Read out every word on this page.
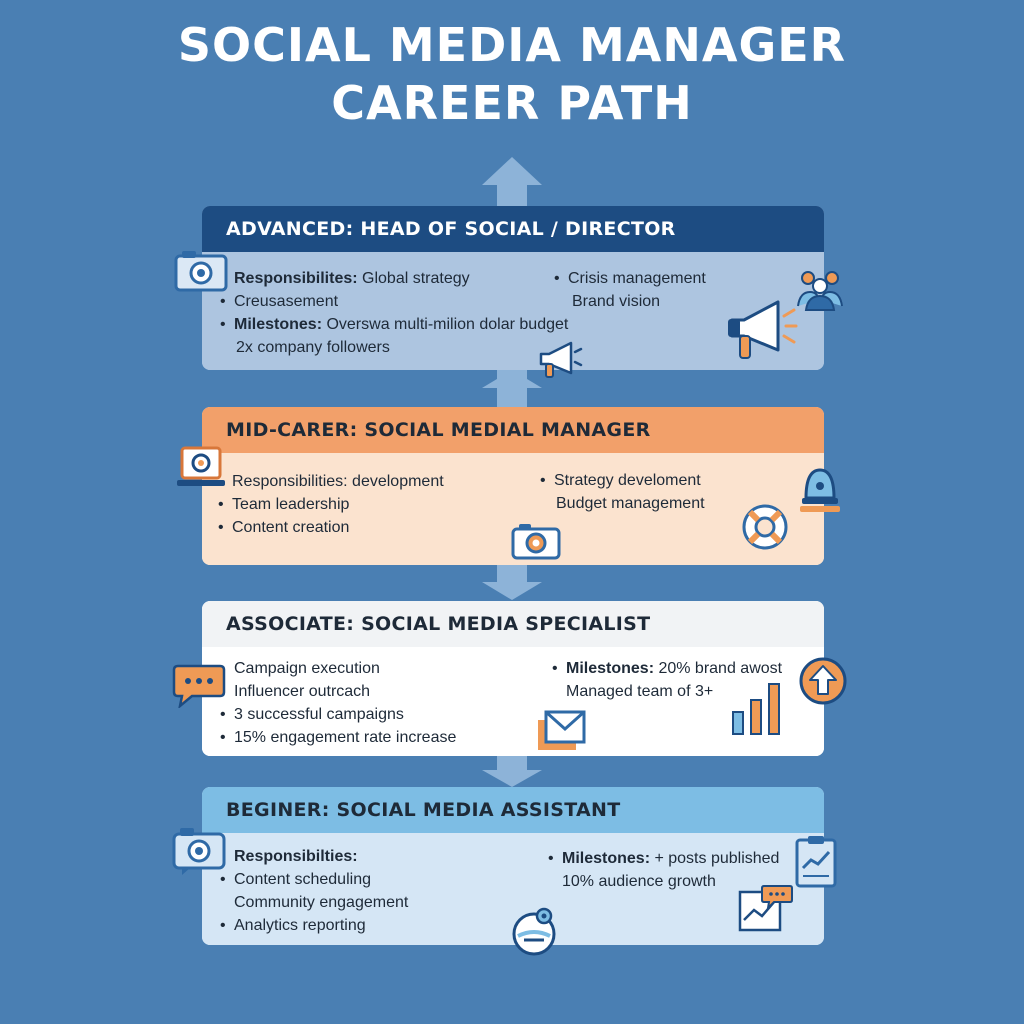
SOCIAL MEDIA MANAGER
CAREER PATH
ADVANCED: HEAD OF SOCIAL / DIRECTOR
Responsibilites: Global strategy
• Creusasement
• Milestones: Overswa multi-milion dolar budget
2x company followers
• Crisis management
Brand vision
MID-CARER: SOCIAL MEDIAL MANAGER
Responsibilities: development
• Team leadership
• Content creation
• Strategy develoment
Budget management
ASSOCIATE: SOCIAL MEDIA SPECIALIST
Campaign execution
Influencer outrcach
• 3 successful campaigns
• 15% engagement rate increase
• Milestones: 20% brand awost
Managed team of 3+
BEGINER: SOCIAL MEDIA ASSISTANT
Responsibilties:
• Content scheduling
Community engagement
• Analytics reporting
• Milestones: + posts published
10% audience growth
